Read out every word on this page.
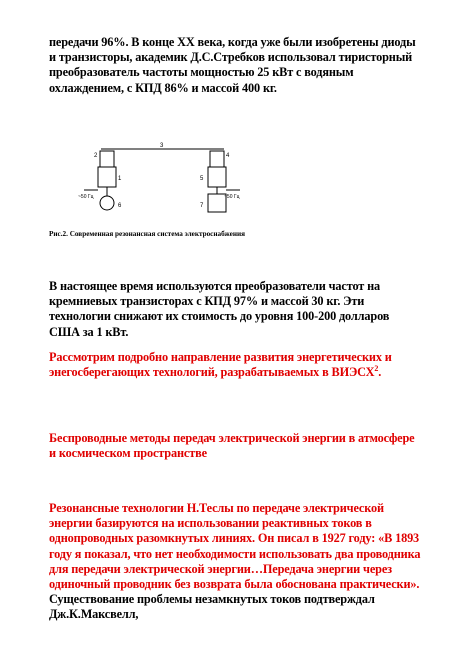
передачи 96%. В конце XX века, когда уже были изобретены диоды и транзисторы, академик Д.С.Стребков использовал тиристорный преобразователь частоты мощностью 25 кВт с водяным охлаждением, с КПД 86% и массой 400 кг.

2
3
4
1	5
6	7
~50 Гц	~50 Гц

Рис.2. Современная резонансная система электроснабжения

В настоящее время используются преобразователи частот на кремниевых транзисторах с КПД 97% и массой 30 кг. Эти технологии снижают их стоимость до уровня 100-200 долларов США за 1 кВт.

Рассмотрим подробно направление развития энергетических и энегосберегающих технологий, разрабатываемых в ВИЭСХ$^2$.

Беспроводные методы передач электрической энергии в атмосфере и космическом пространстве

Резонансные технологии Н.Теслы по передаче электрической энергии базируются на использовании реактивных токов в однопроводных разомкнутых линиях. Он писал в 1927 году: «В 1893 году я показал, что нет необходимости использовать два проводника для передачи электрической энергии…Передача энергии через одиночный проводник без возврата была обоснована практически». Существование проблемы незамкнутых токов подтверждал Дж.К.Максвелл,
